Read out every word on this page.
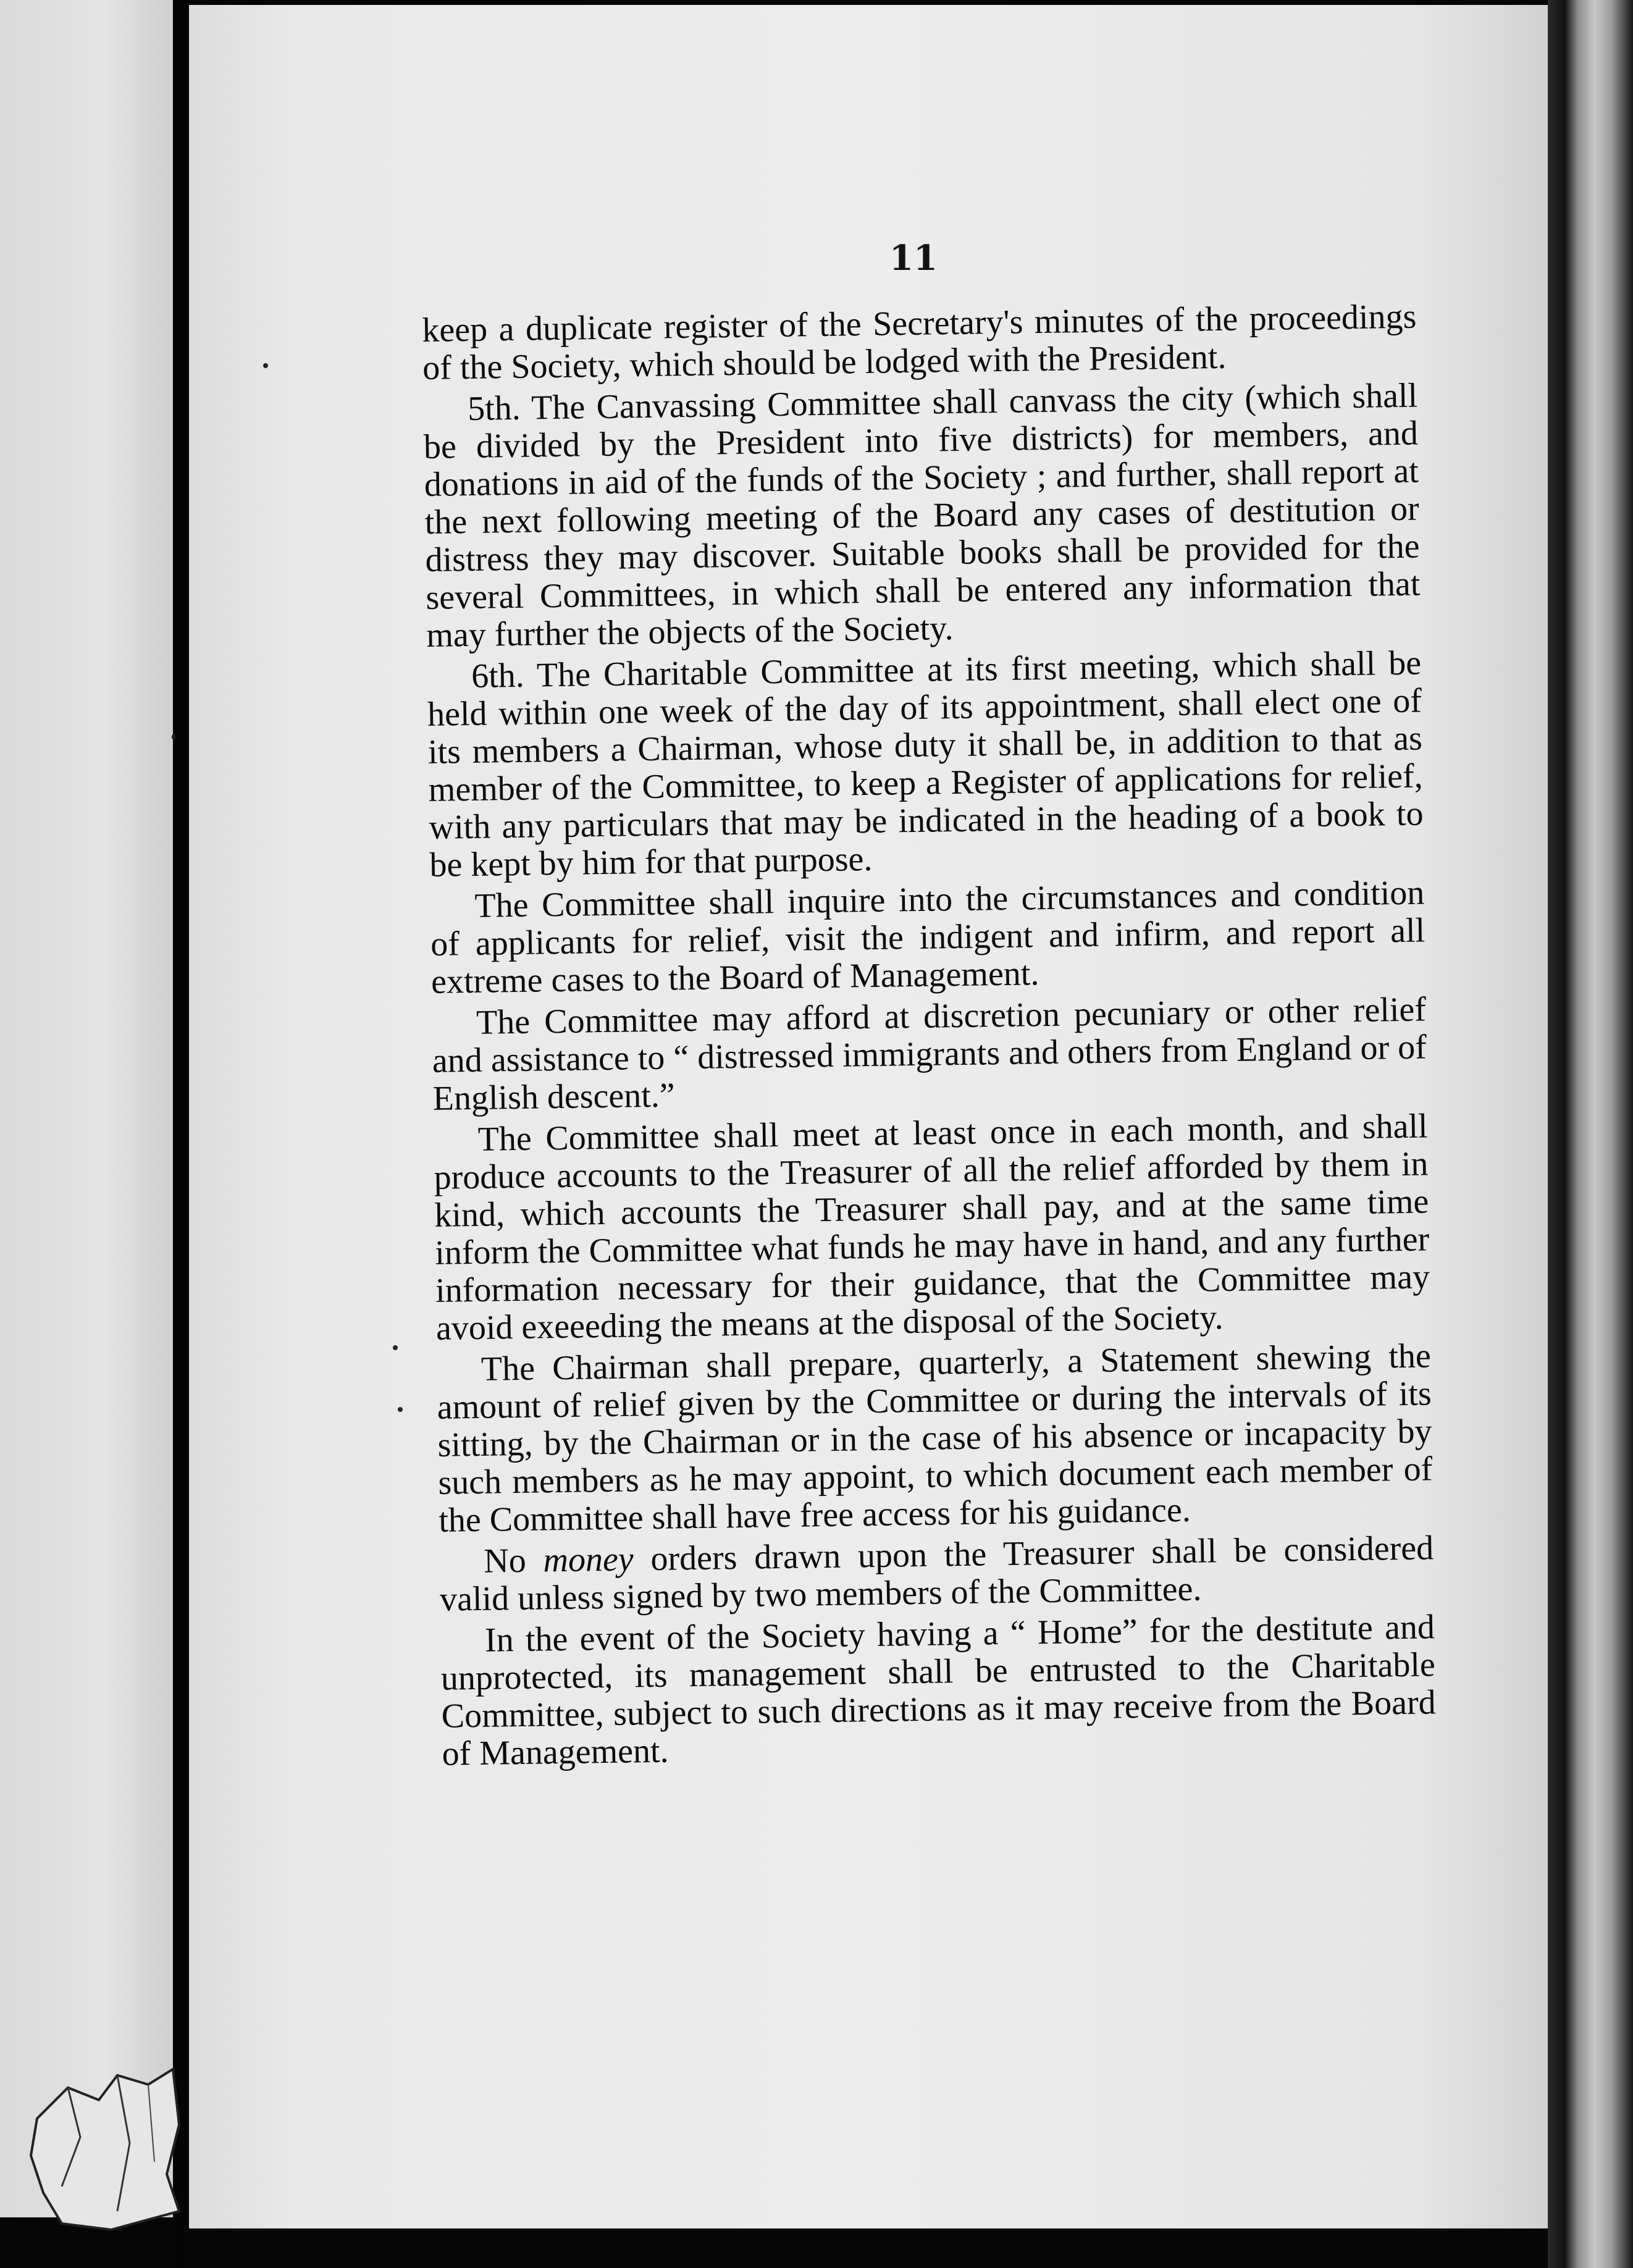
11

keep a duplicate register of the Secretary's minutes of the proceedings of the Society, which should be lodged with the President.

5th. The Canvassing Committee shall canvass the city (which shall be divided by the President into five districts) for members, and donations in aid of the funds of the Society ; and further, shall report at the next following meeting of the Board any cases of destitution or distress they may discover. Suitable books shall be provided for the several Committees, in which shall be entered any information that may further the objects of the Society.

6th. The Charitable Committee at its first meeting, which shall be held within one week of the day of its appointment, shall elect one of its members a Chairman, whose duty it shall be, in addition to that as member of the Committee, to keep a Register of applications for relief, with any particulars that may be indicated in the heading of a book to be kept by him for that purpose.

The Committee shall inquire into the circumstances and condition of applicants for relief, visit the indigent and infirm, and report all extreme cases to the Board of Management.

The Committee may afford at discretion pecuniary or other relief and assistance to “ distressed immigrants and others from England or of English descent.”

The Committee shall meet at least once in each month, and shall produce accounts to the Treasurer of all the relief afforded by them in kind, which accounts the Treasurer shall pay, and at the same time inform the Committee what funds he may have in hand, and any further information necessary for their guidance, that the Committee may avoid exeeeding the means at the disposal of the Society.

The Chairman shall prepare, quarterly, a Statement shewing the amount of relief given by the Committee or during the intervals of its sitting, by the Chairman or in the case of his absence or incapacity by such members as he may appoint, to which document each member of the Committee shall have free access for his guidance.

No money orders drawn upon the Treasurer shall be considered valid unless signed by two members of the Committee.

In the event of the Society having a “ Home” for the destitute and unprotected, its management shall be entrusted to the Charitable Committee, subject to such directions as it may receive from the Board of Management.
